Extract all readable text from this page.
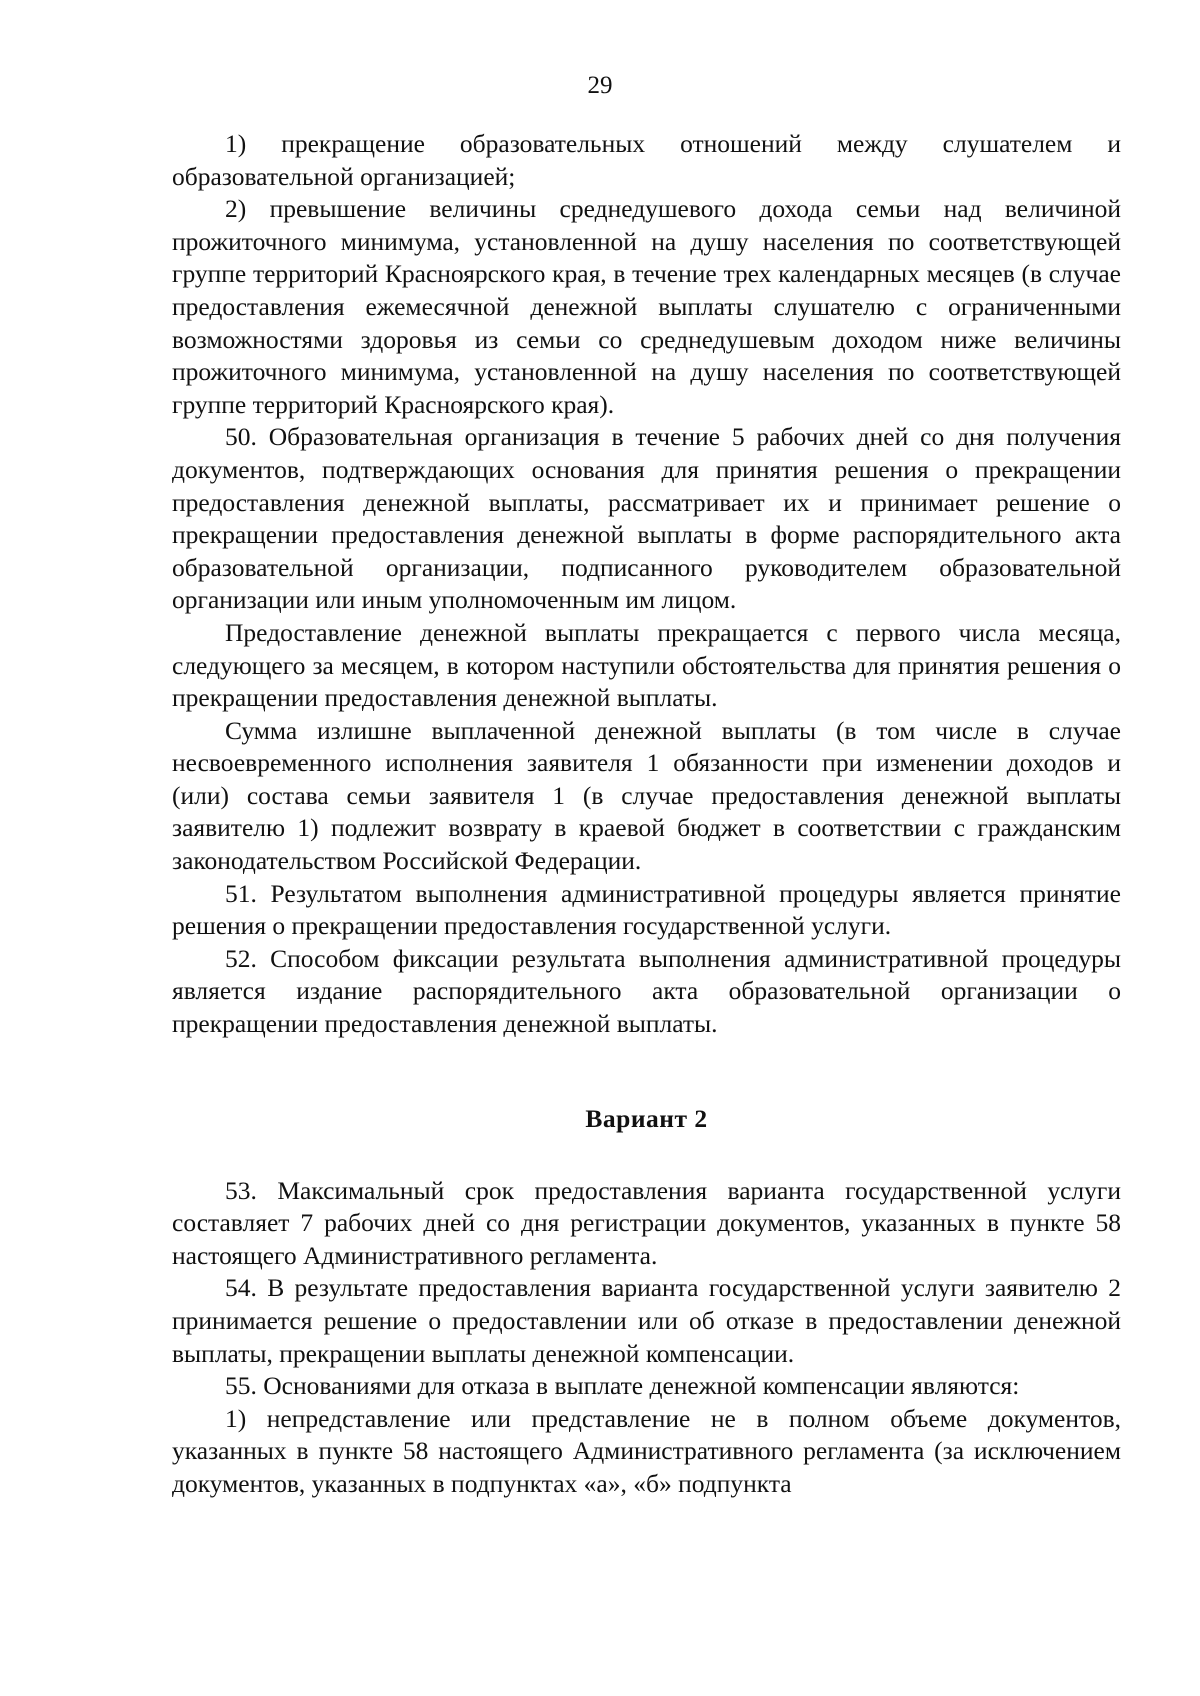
29

1) прекращение образовательных отношений между слушателем и образовательной организацией;

2) превышение величины среднедушевого дохода семьи над величиной прожиточного минимума, установленной на душу населения по соответствующей группе территорий Красноярского края, в течение трех календарных месяцев (в случае предоставления ежемесячной денежной выплаты слушателю с ограниченными возможностями здоровья из семьи со среднедушевым доходом ниже величины прожиточного минимума, установленной на душу населения по соответствующей группе территорий Красноярского края).

50. Образовательная организация в течение 5 рабочих дней со дня получения документов, подтверждающих основания для принятия решения о прекращении предоставления денежной выплаты, рассматривает их и принимает решение о прекращении предоставления денежной выплаты в форме распорядительного акта образовательной организации, подписанного руководителем образовательной организации или иным уполномоченным им лицом.

Предоставление денежной выплаты прекращается с первого числа месяца, следующего за месяцем, в котором наступили обстоятельства для принятия решения о прекращении предоставления денежной выплаты.

Сумма излишне выплаченной денежной выплаты (в том числе в случае несвоевременного исполнения заявителя 1 обязанности при изменении доходов и (или) состава семьи заявителя 1 (в случае предоставления денежной выплаты заявителю 1) подлежит возврату в краевой бюджет в соответствии с гражданским законодательством Российской Федерации.

51. Результатом выполнения административной процедуры является принятие решения о прекращении предоставления государственной услуги.

52. Способом фиксации результата выполнения административной процедуры является издание распорядительного акта образовательной организации о прекращении предоставления денежной выплаты.

Вариант 2

53. Максимальный срок предоставления варианта государственной услуги составляет 7 рабочих дней со дня регистрации документов, указанных в пункте 58 настоящего Административного регламента.

54. В результате предоставления варианта государственной услуги заявителю 2 принимается решение о предоставлении или об отказе в предоставлении денежной выплаты, прекращении выплаты денежной компенсации.

55. Основаниями для отказа в выплате денежной компенсации являются:

1) непредставление или представление не в полном объеме документов, указанных в пункте 58 настоящего Административного регламента (за исключением документов, указанных в подпунктах «а», «б» подпункта
